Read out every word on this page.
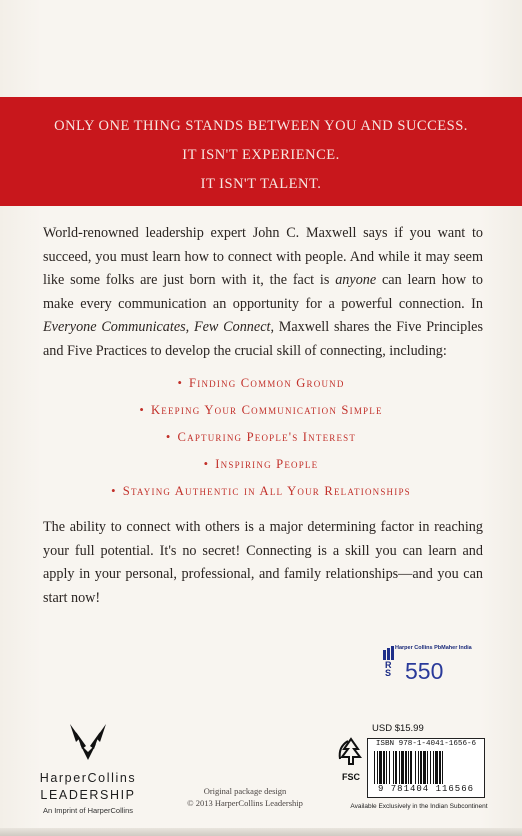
ONLY ONE THING STANDS BETWEEN YOU AND SUCCESS.
IT ISN'T EXPERIENCE.
IT ISN'T TALENT.

World-renowned leadership expert John C. Maxwell says if you want to succeed, you must learn how to connect with people. And while it may seem like some folks are just born with it, the fact is anyone can learn how to make every communication an opportunity for a powerful connection. In Everyone Communicates, Few Connect, Maxwell shares the Five Principles and Five Practices to develop the crucial skill of connecting, including:

• Finding Common Ground
• Keeping Your Communication Simple
• Capturing People's Interest
• Inspiring People
• Staying Authentic in All Your Relationships

The ability to connect with others is a major determining factor in reaching your full potential. It's no secret! Connecting is a skill you can learn and apply in your personal, professional, and family relationships—and you can start now!

Harper Collins PbMaher India
R
S 550
HarperCollins
LEADERSHIP
An Imprint of HarperCollins
Original package design
© 2013 HarperCollins Leadership
FSC
USD $15.99
ISBN 978-1-4041-1656-6
9 781404 116566
Available Exclusively in the Indian Subcontinent
